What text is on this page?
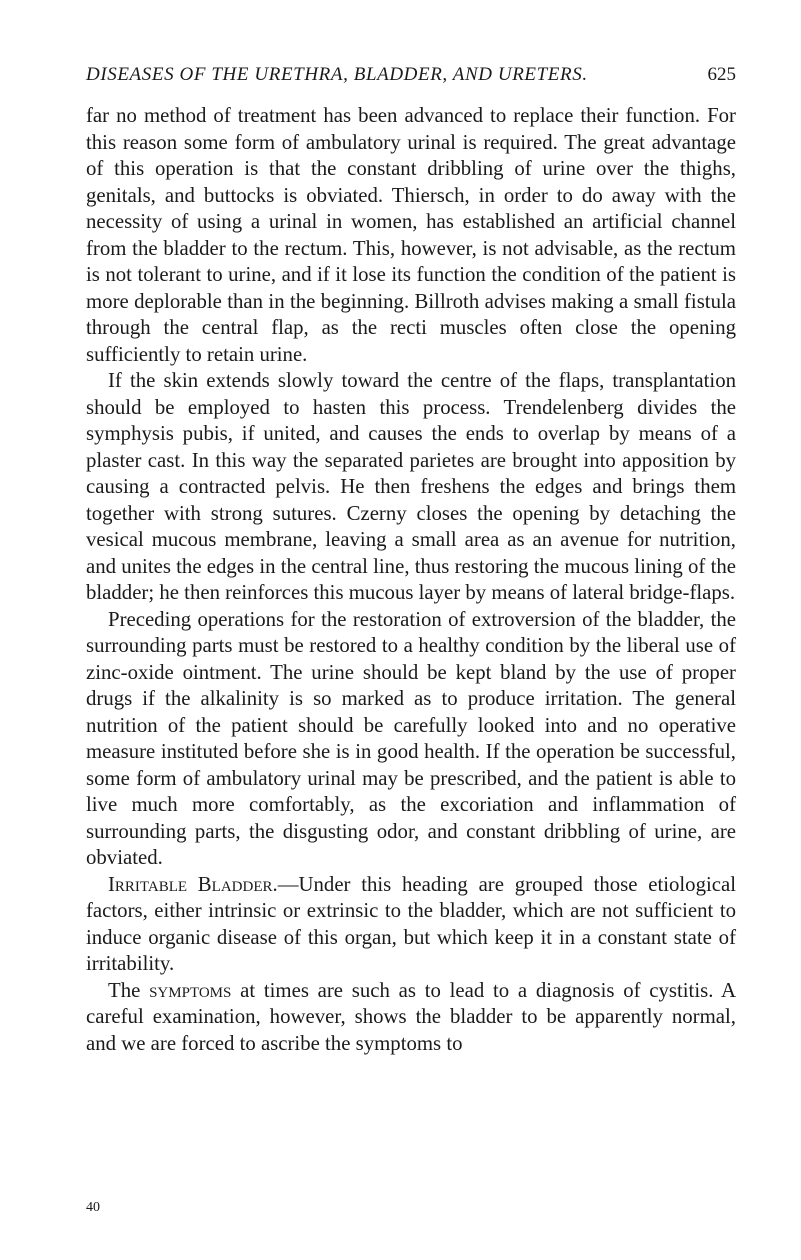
DISEASES OF THE URETHRA, BLADDER, AND URETERS.	625

far no method of treatment has been advanced to replace their function. For this reason some form of ambulatory urinal is required. The great advantage of this operation is that the constant dribbling of urine over the thighs, genitals, and buttocks is obviated. Thiersch, in order to do away with the necessity of using a urinal in women, has established an artificial channel from the bladder to the rectum. This, however, is not advisable, as the rectum is not tolerant to urine, and if it lose its function the condition of the patient is more deplorable than in the beginning. Billroth advises making a small fistula through the central flap, as the recti muscles often close the opening sufficiently to retain urine.

If the skin extends slowly toward the centre of the flaps, transplantation should be employed to hasten this process. Trendelenberg divides the symphysis pubis, if united, and causes the ends to overlap by means of a plaster cast. In this way the separated parietes are brought into apposition by causing a contracted pelvis. He then freshens the edges and brings them together with strong sutures. Czerny closes the opening by detaching the vesical mucous membrane, leaving a small area as an avenue for nutrition, and unites the edges in the central line, thus restoring the mucous lining of the bladder; he then reinforces this mucous layer by means of lateral bridge-flaps.

Preceding operations for the restoration of extroversion of the bladder, the surrounding parts must be restored to a healthy condition by the liberal use of zinc-oxide ointment. The urine should be kept bland by the use of proper drugs if the alkalinity is so marked as to produce irritation. The general nutrition of the patient should be carefully looked into and no operative measure instituted before she is in good health. If the operation be successful, some form of ambulatory urinal may be prescribed, and the patient is able to live much more comfortably, as the excoriation and inflammation of surrounding parts, the disgusting odor, and constant dribbling of urine, are obviated.

Irritable Bladder.—Under this heading are grouped those etiological factors, either intrinsic or extrinsic to the bladder, which are not sufficient to induce organic disease of this organ, but which keep it in a constant state of irritability.

The symptoms at times are such as to lead to a diagnosis of cystitis. A careful examination, however, shows the bladder to be apparently normal, and we are forced to ascribe the symptoms to

40
